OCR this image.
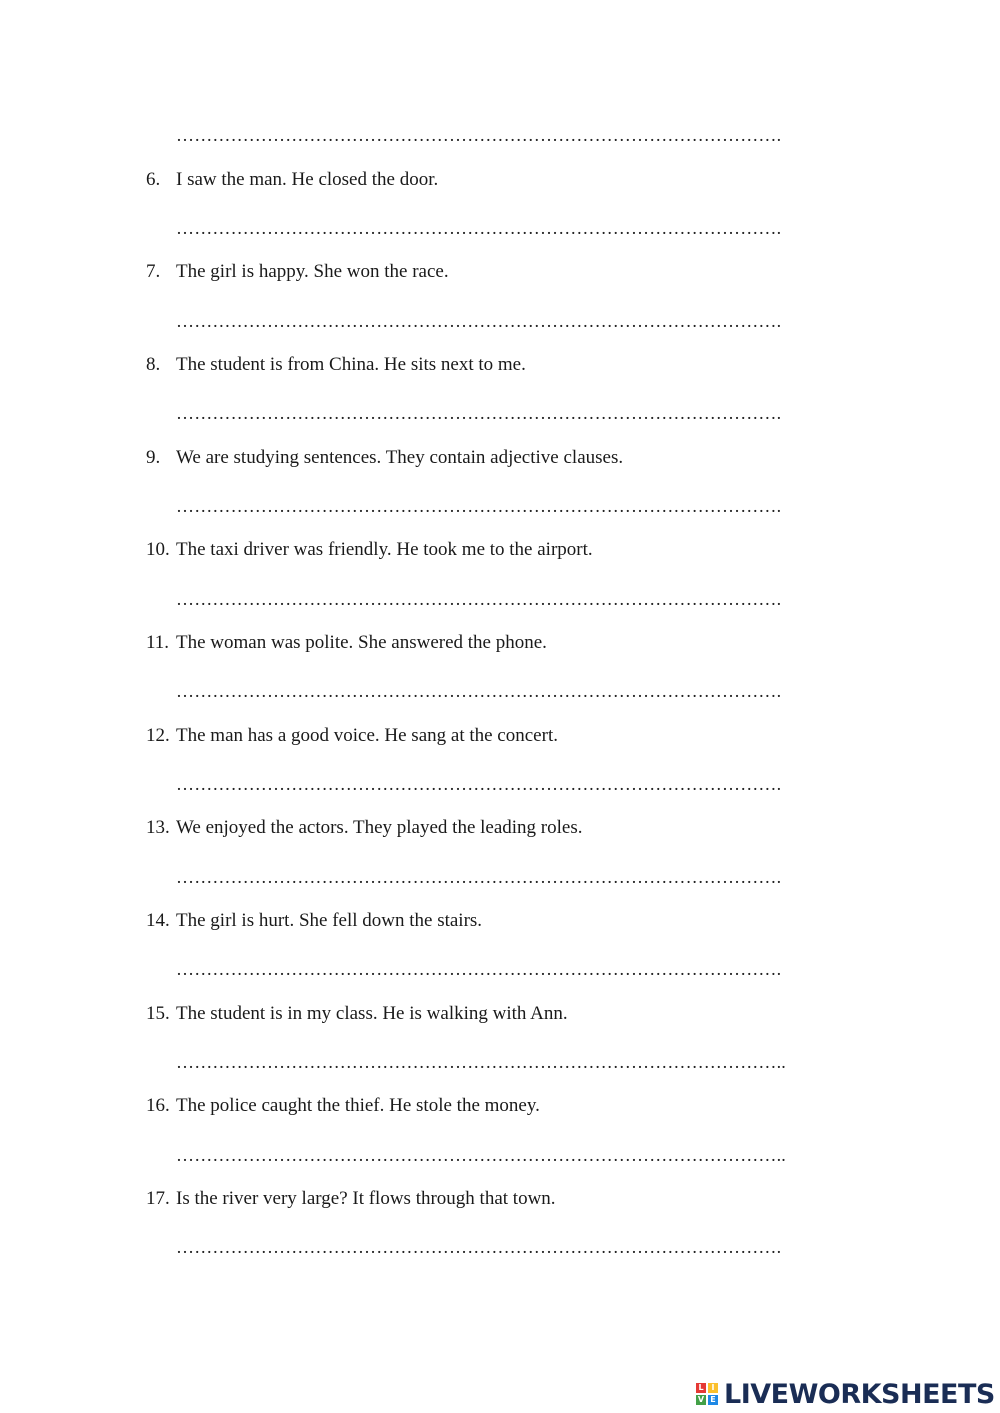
……………………………………………………………………………………….
6. I saw the man. He closed the door.
……………………………………………………………………………………….
7. The girl is happy. She won the race.
……………………………………………………………………………………….
8. The student is from China. He sits next to me.
……………………………………………………………………………………….
9. We are studying sentences. They contain adjective clauses.
……………………………………………………………………………………….
10. The taxi driver was friendly. He took me to the airport.
……………………………………………………………………………………….
11. The woman was polite. She answered the phone.
……………………………………………………………………………………….
12. The man has a good voice. He sang at the concert.
……………………………………………………………………………………….
13. We enjoyed the actors. They played the leading roles.
……………………………………………………………………………………….
14. The girl is hurt. She fell down the stairs.
……………………………………………………………………………………….
15. The student is in my class. He is walking with Ann.
………………………………………………………………………………………..
16. The police caught the thief. He stole the money.
………………………………………………………………………………………..
17. Is the river very large? It flows through that town.
……………………………………………………………………………………….
L I
V E LIVEWORKSHEETS
